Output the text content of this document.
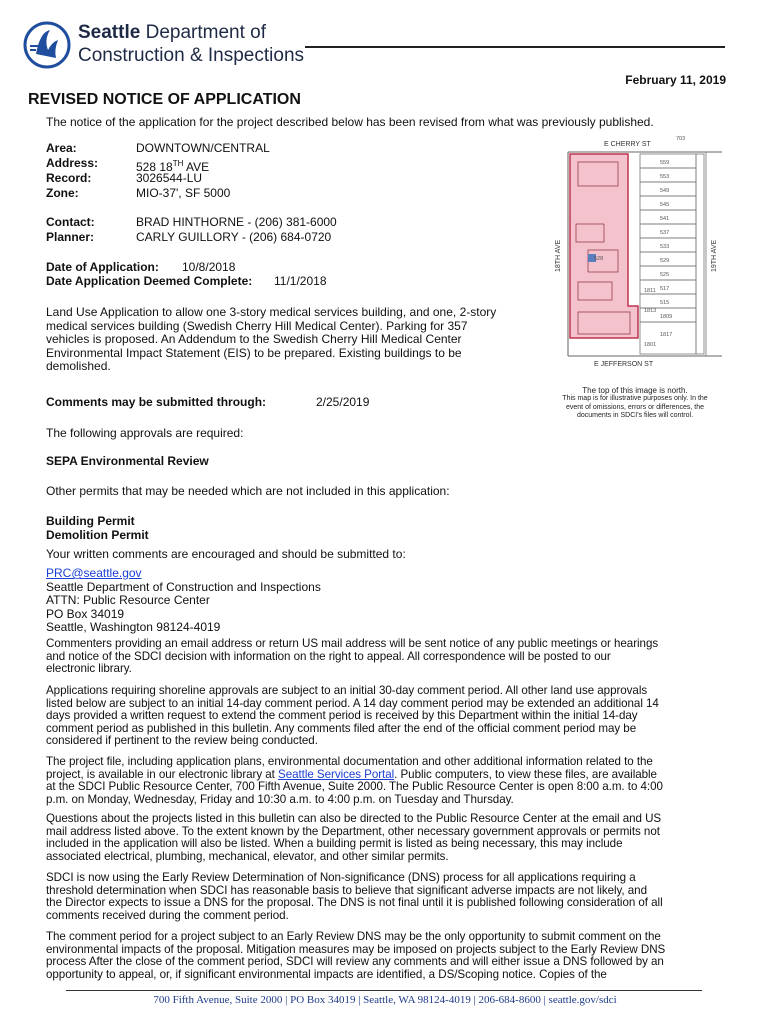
Seattle Department of
Construction & Inspections
February 11, 2019
REVISED NOTICE OF APPLICATION
The notice of the application for the project described below has been revised from what was previously published.
Area:	DOWNTOWN/CENTRAL
Address:	528 18TH AVE
Record:	3026544-LU
Zone:	MIO-37', SF 5000
Contact:	BRAD HINTHORNE - (206) 381-6000
Planner:	CARLY GUILLORY - (206) 684-0720
Date of Application: 10/8/2018
Date Application Deemed Complete: 11/1/2018
Land Use Application to allow one 3-story medical services building, and one, 2-story
medical services building (Swedish Cherry Hill Medical Center). Parking for 357
vehicles is proposed. An Addendum to the Swedish Cherry Hill Medical Center
Environmental Impact Statement (EIS) to be prepared. Existing buildings to be
demolished.
Comments may be submitted through:	2/25/2019
E CHERRY ST
E JEFFERSON ST
18TH AVE	19TH AVE
703
559
553
549
545
541
537
533
528	529
525
517
515
1809
1817
1811
1813
1801
The top of this image is north.
This map is for illustrative purposes only. In the
event of omissions, errors or differences, the
documents in SDCI's files will control.
The following approvals are required:
SEPA Environmental Review
Other permits that may be needed which are not included in this application:
Building Permit
Demolition Permit
Your written comments are encouraged and should be submitted to:
PRC@seattle.gov
Seattle Department of Construction and Inspections
ATTN: Public Resource Center
PO Box 34019
Seattle, Washington 98124-4019
Commenters providing an email address or return US mail address will be sent notice of any public meetings or hearings
and notice of the SDCI decision with information on the right to appeal. All correspondence will be posted to our
electronic library.
Applications requiring shoreline approvals are subject to an initial 30-day comment period. All other land use approvals
listed below are subject to an initial 14-day comment period. A 14 day comment period may be extended an additional 14
days provided a written request to extend the comment period is received by this Department within the initial 14-day
comment period as published in this bulletin. Any comments filed after the end of the official comment period may be
considered if pertinent to the review being conducted.
The project file, including application plans, environmental documentation and other additional information related to the
project, is available in our electronic library at Seattle Services Portal. Public computers, to view these files, are available
at the SDCI Public Resource Center, 700 Fifth Avenue, Suite 2000. The Public Resource Center is open 8:00 a.m. to 4:00
p.m. on Monday, Wednesday, Friday and 10:30 a.m. to 4:00 p.m. on Tuesday and Thursday.
Questions about the projects listed in this bulletin can also be directed to the Public Resource Center at the email and US
mail address listed above. To the extent known by the Department, other necessary government approvals or permits not
included in the application will also be listed. When a building permit is listed as being necessary, this may include
associated electrical, plumbing, mechanical, elevator, and other similar permits.
SDCI is now using the Early Review Determination of Non-significance (DNS) process for all applications requiring a
threshold determination when SDCI has reasonable basis to believe that significant adverse impacts are not likely, and
the Director expects to issue a DNS for the proposal. The DNS is not final until it is published following consideration of all
comments received during the comment period.
The comment period for a project subject to an Early Review DNS may be the only opportunity to submit comment on the
environmental impacts of the proposal. Mitigation measures may be imposed on projects subject to the Early Review DNS
process After the close of the comment period, SDCI will review any comments and will either issue a DNS followed by an
opportunity to appeal, or, if significant environmental impacts are identified, a DS/Scoping notice. Copies of the
700 Fifth Avenue, Suite 2000 | PO Box 34019 | Seattle, WA 98124-4019 | 206-684-8600 | seattle.gov/sdci
